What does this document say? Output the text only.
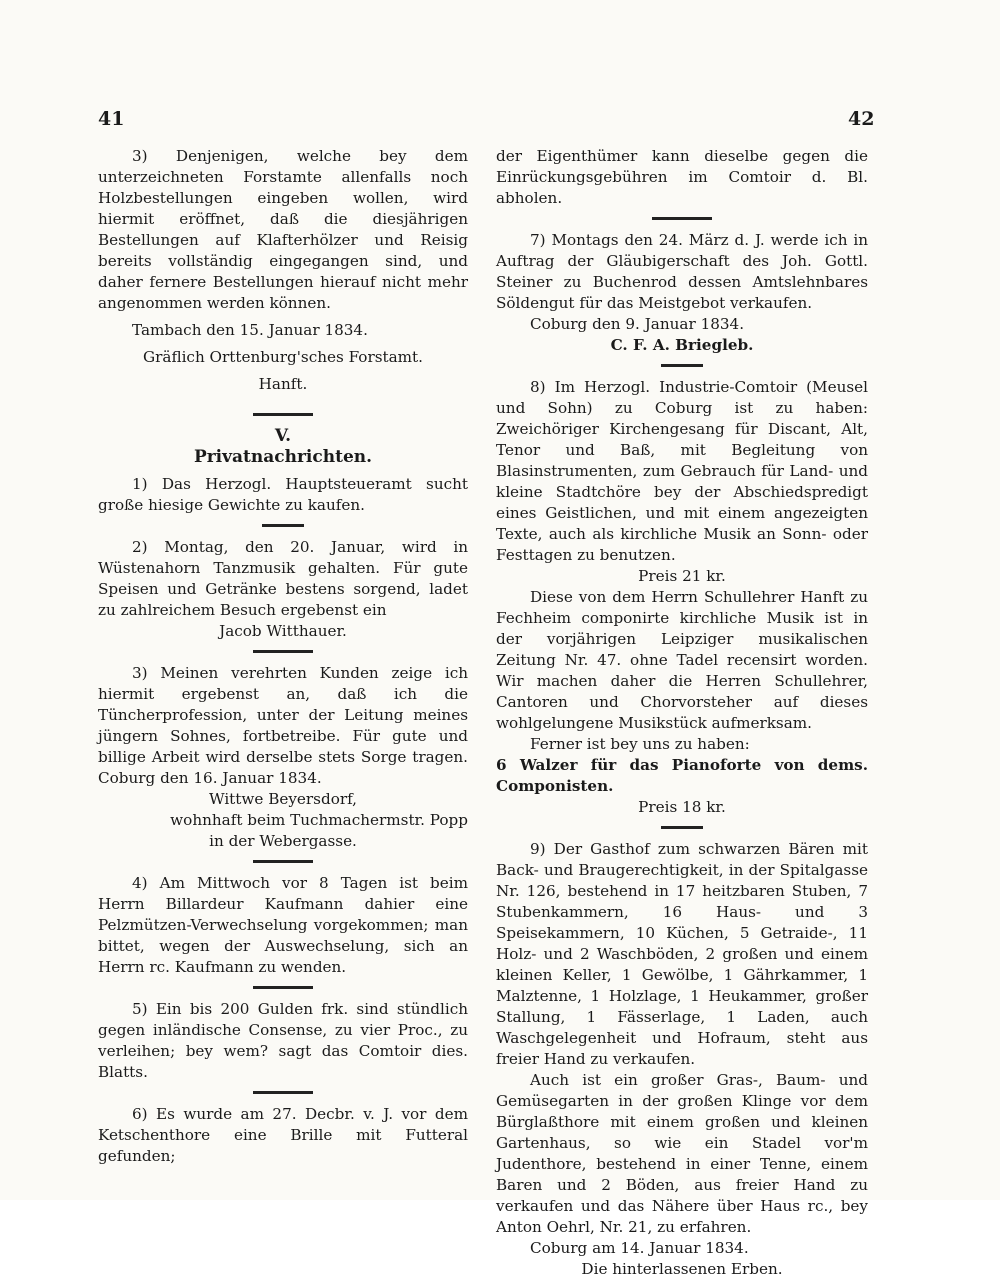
41	42

3) Denjenigen, welche bey dem unterzeichneten Forstamte allenfalls noch Holzbestellungen eingeben wollen, wird hiermit eröffnet, daß die diesjährigen Bestellungen auf Klafterhölzer und Reisig bereits vollständig eingegangen sind, und daher fernere Bestellungen hierauf nicht mehr angenommen werden können.

Tambach den 15. Januar 1834.

Gräflich Orttenburg'sches Forstamt.

Hanft.

V.

Privatnachrichten.

1) Das Herzogl. Hauptsteueramt sucht große hiesige Gewichte zu kaufen.

2) Montag, den 20. Januar, wird in Wüstenahorn Tanzmusik gehalten. Für gute Speisen und Getränke bestens sorgend, ladet zu zahlreichem Besuch ergebenst ein

Jacob Witthauer.

3) Meinen verehrten Kunden zeige ich hiermit ergebenst an, daß ich die Tüncherprofession, unter der Leitung meines jüngern Sohnes, fortbetreibe. Für gute und billige Arbeit wird derselbe stets Sorge tragen. Coburg den 16. Januar 1834.

Wittwe Beyersdorf,

wohnhaft beim Tuchmachermstr. Popp

in der Webergasse.

4) Am Mittwoch vor 8 Tagen ist beim Herrn Billardeur Kaufmann dahier eine Pelzmützen-Verwechselung vorgekommen; man bittet, wegen der Auswechselung, sich an Herrn rc. Kaufmann zu wenden.

5) Ein bis 200 Gulden frk. sind stündlich gegen inländische Consense, zu vier Proc., zu verleihen; bey wem? sagt das Comtoir dies. Blatts.

6) Es wurde am 27. Decbr. v. J. vor dem Ketschenthore eine Brille mit Futteral gefunden;

der Eigenthümer kann dieselbe gegen die Einrückungsgebühren im Comtoir d. Bl. abholen.

7) Montags den 24. März d. J. werde ich in Auftrag der Gläubigerschaft des Joh. Gottl. Steiner zu Buchenrod dessen Amtslehnbares Söldengut für das Meistgebot verkaufen.

Coburg den 9. Januar 1834.

C. F. A. Briegleb.

8) Im Herzogl. Industrie-Comtoir (Meusel und Sohn) zu Coburg ist zu haben: Zweichöriger Kirchengesang für Discant, Alt, Tenor und Baß, mit Begleitung von Blasinstrumenten, zum Gebrauch für Land- und kleine Stadtchöre bey der Abschiedspredigt eines Geistlichen, und mit einem angezeigten Texte, auch als kirchliche Musik an Sonn- oder Festtagen zu benutzen.

Preis 21 kr.

Diese von dem Herrn Schullehrer Hanft zu Fechheim componirte kirchliche Musik ist in der vorjährigen Leipziger musikalischen Zeitung Nr. 47. ohne Tadel recensirt worden. Wir machen daher die Herren Schullehrer, Cantoren und Chorvorsteher auf dieses wohlgelungene Musikstück aufmerksam.

Ferner ist bey uns zu haben:

6 Walzer für das Pianoforte von dems. Componisten.

Preis 18 kr.

9) Der Gasthof zum schwarzen Bären mit Back- und Braugerechtigkeit, in der Spitalgasse Nr. 126, bestehend in 17 heitzbaren Stuben, 7 Stubenkammern, 16 Haus- und 3 Speisekammern, 10 Küchen, 5 Getraide-, 11 Holz- und 2 Waschböden, 2 großen und einem kleinen Keller, 1 Gewölbe, 1 Gährkammer, 1 Malztenne, 1 Holzlage, 1 Heukammer, großer Stallung, 1 Fässerlage, 1 Laden, auch Waschgelegenheit und Hofraum, steht aus freier Hand zu verkaufen.

Auch ist ein großer Gras-, Baum- und Gemüsegarten in der großen Klinge vor dem Bürglaßthore mit einem großen und kleinen Gartenhaus, so wie ein Stadel vor'm Judenthore, bestehend in einer Tenne, einem Baren und 2 Böden, aus freier Hand zu verkaufen und das Nähere über Haus rc., bey Anton Oehrl, Nr. 21, zu erfahren.

Coburg am 14. Januar 1834.

Die hinterlassenen Erben.
